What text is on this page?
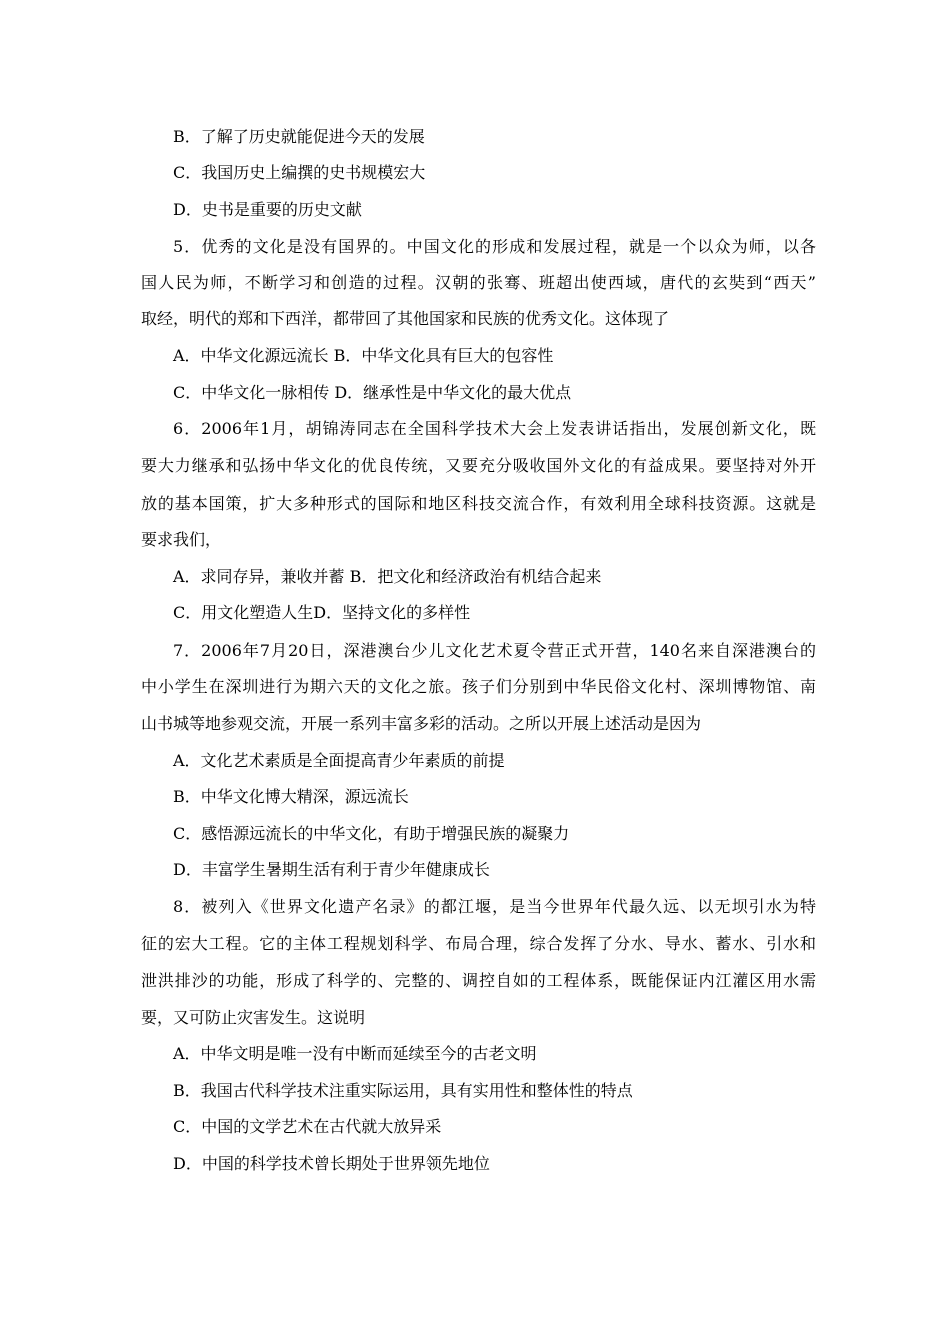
B．了解了历史就能促进今天的发展
C．我国历史上编撰的史书规模宏大
D．史书是重要的历史文献
5．优秀的文化是没有国界的。中国文化的形成和发展过程，就是一个以众为师，以各
国人民为师，不断学习和创造的过程。汉朝的张骞、班超出使西域，唐代的玄奘到“西天”
取经，明代的郑和下西洋，都带回了其他国家和民族的优秀文化。这体现了
A．中华文化源远流长 B．中华文化具有巨大的包容性
C．中华文化一脉相传 D．继承性是中华文化的最大优点
6．2006年1月，胡锦涛同志在全国科学技术大会上发表讲话指出，发展创新文化，既
要大力继承和弘扬中华文化的优良传统，又要充分吸收国外文化的有益成果。要坚持对外开
放的基本国策，扩大多种形式的国际和地区科技交流合作，有效利用全球科技资源。这就是
要求我们，
A．求同存异，兼收并蓄 B．把文化和经济政治有机结合起来
C．用文化塑造人生D．坚持文化的多样性
7．2006年7月20日，深港澳台少儿文化艺术夏令营正式开营，140名来自深港澳台的
中小学生在深圳进行为期六天的文化之旅。孩子们分别到中华民俗文化村、深圳博物馆、南
山书城等地参观交流，开展一系列丰富多彩的活动。之所以开展上述活动是因为
A．文化艺术素质是全面提高青少年素质的前提
B．中华文化博大精深，源远流长
C．感悟源远流长的中华文化，有助于增强民族的凝聚力
D．丰富学生暑期生活有利于青少年健康成长
8．被列入《世界文化遗产名录》的都江堰，是当今世界年代最久远、以无坝引水为特
征的宏大工程。它的主体工程规划科学、布局合理，综合发挥了分水、导水、蓄水、引水和
泄洪排沙的功能，形成了科学的、完整的、调控自如的工程体系，既能保证内江灌区用水需
要，又可防止灾害发生。这说明
A．中华文明是唯一没有中断而延续至今的古老文明
B．我国古代科学技术注重实际运用，具有实用性和整体性的特点
C．中国的文学艺术在古代就大放异采
D．中国的科学技术曾长期处于世界领先地位
